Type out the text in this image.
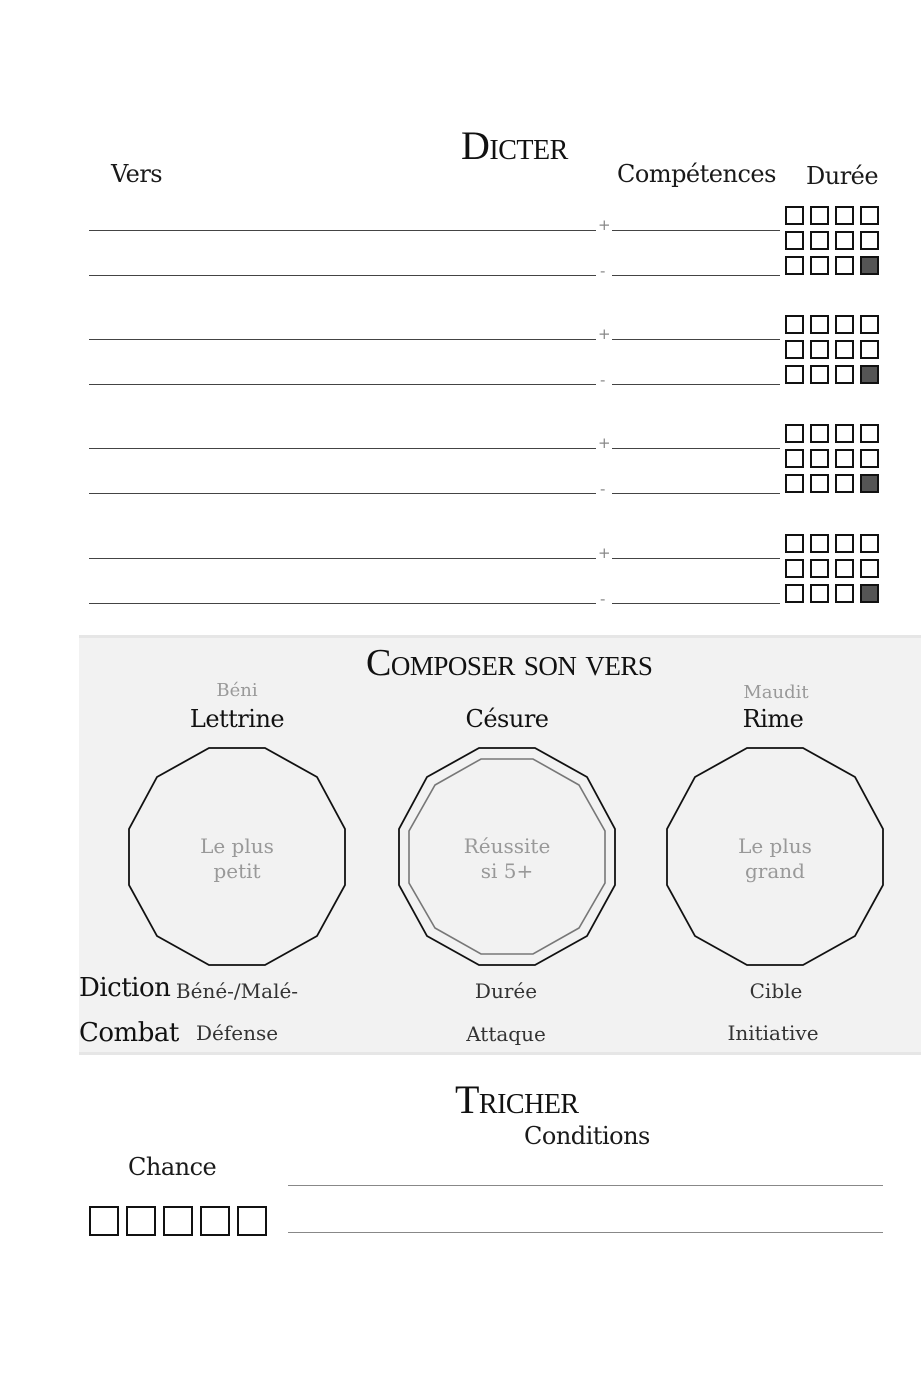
Dicter
Vers	Compétences Durée
+
-
+
-
+
-
+
-
Composer son vers
Béni
Lettrine	Césure
Maudit
Rime
Le plus
petit
Réussite
si 5+
Le plus
grand
Diction Béné-/Malé-	Durée	Cible
Combat Défense	Attaque	Initiative
Tricher
Conditions
Chance
